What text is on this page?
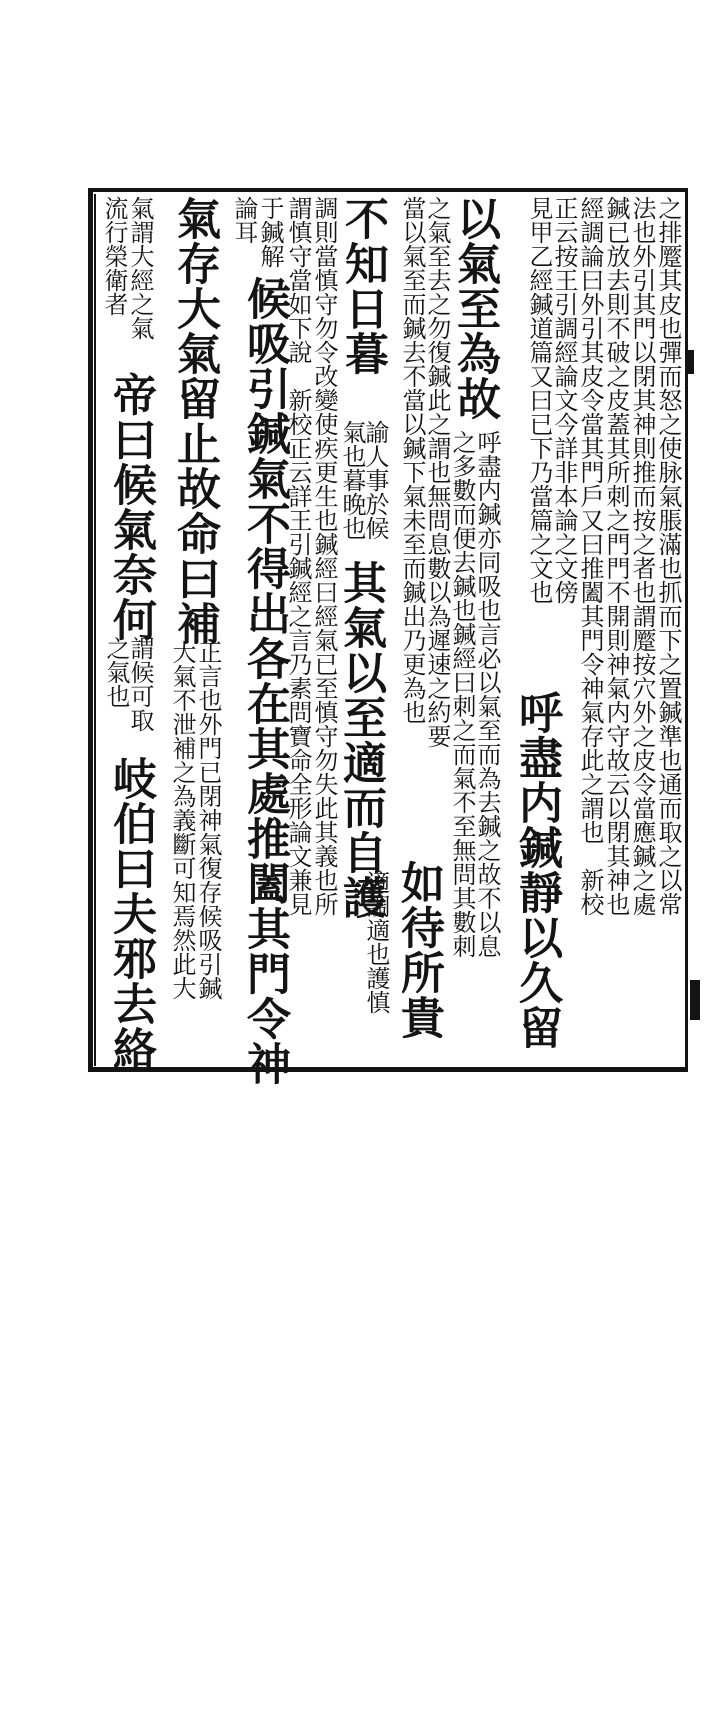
之排蹷其皮也彈而怒之使脉氣脹滿也抓而下之置鍼準也通而取之以常
法也外引其門以閉其神則推而按之者也謂蹷按穴外之皮令當應鍼之處
鍼已放去則不破之皮蓋其所刺之門門不開則神氣内守故云以閉其神也
經調論曰外引其皮令當其門戶又曰推闔其門令神氣存此之謂也　新校
正云按王引調經論文今詳非本論之文傍
呼盡内鍼靜以久留
見甲乙經鍼道篇又曰已下乃當篇之文也
以氣至為故
呼盡内鍼亦同吸也言必以氣至而為去鍼之故不以息
之多數而便去鍼也鍼經曰刺之而氣不至無問其數刺
之氣至去之勿復鍼此之謂也無問息數以為遲速之約要
當以氣至而鍼去不當以鍼下氣未至而鍼出乃更為也
如待所貴
不知日暮
諭人事於候
氣也暮晚也
其氣以至適而自護
適調適也護慎
調則當慎守勿令改變使疾更生也鍼經曰經氣已至慎守勿失此其義也所
謂慎守當如下說　新校正云詳王引鍼經之言乃素問寶命全形論文兼見
于鍼解
論耳
候吸引鍼氣不得出各在其處推闔其門令神
氣存大氣留止故命曰補
正言也外門已閉神氣復存候吸引鍼
大氣不泄補之為義斷可知焉然此大
氣謂大經之氣
流行榮衛者
帝曰候氣奈何
謂候可取
之氣也
岐伯曰夫邪去絡
